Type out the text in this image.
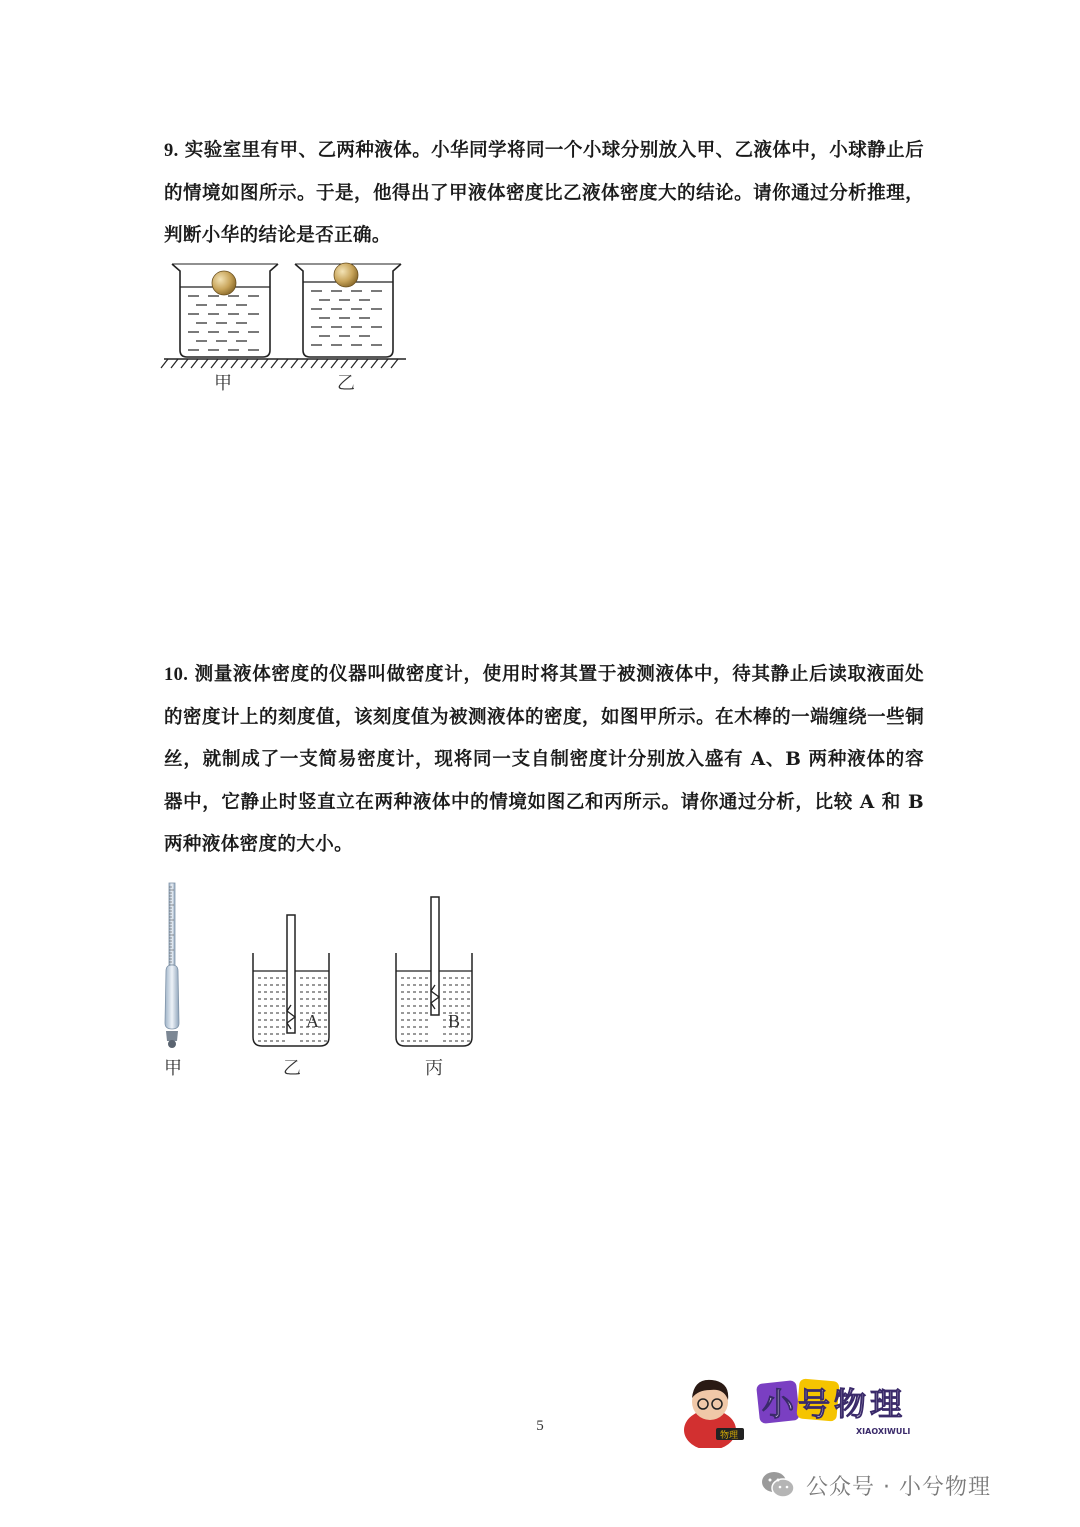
9. 实验室里有甲、乙两种液体。小华同学将同一个小球分别放入甲、乙液体中，小球静止后的情境如图所示。于是，他得出了甲液体密度比乙液体密度大的结论。请你通过分析推理，判断小华的结论是否正确。
甲	乙
10. 测量液体密度的仪器叫做密度计，使用时将其置于被测液体中，待其静止后读取液面处的密度计上的刻度值，该刻度值为被测液体的密度，如图甲所示。在木棒的一端缠绕一些铜丝，就制成了一支简易密度计，现将同一支自制密度计分别放入盛有 A、B 两种液体的容器中，它静止时竖直立在两种液体中的情境如图乙和丙所示。请你通过分析，比较 A 和 B 两种液体密度的大小。
甲
A
乙
B
丙
5
物理
小号物理
XIAOXIWULI
公众号 · 小兮物理
